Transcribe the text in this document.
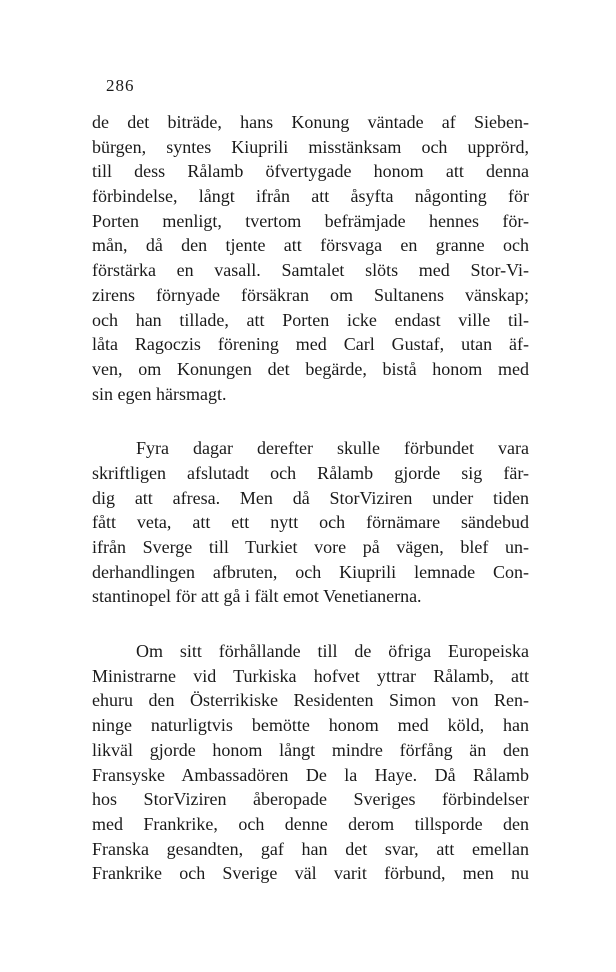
286
de det biträde, hans Konung väntade af Sieben-
bürgen, syntes Kiuprili misstänksam och upprörd,
till dess Rålamb öfvertygade honom att denna
förbindelse, långt ifrån att åsyfta någonting för
Porten menligt, tvertom befrämjade hennes för-
mån, då den tjente att försvaga en granne och
förstärka en vasall. Samtalet slöts med Stor-Vi-
zirens förnyade försäkran om Sultanens vänskap;
och han tillade, att Porten icke endast ville til-
låta Ragoczis förening med Carl Gustaf, utan äf-
ven, om Konungen det begärde, bistå honom med
sin egen härsmagt.
Fyra dagar derefter skulle förbundet vara
skriftligen afslutadt och Rålamb gjorde sig fär-
dig att afresa. Men då StorViziren under tiden
fått veta, att ett nytt och förnämare sändebud
ifrån Sverge till Turkiet vore på vägen, blef un-
derhandlingen afbruten, och Kiuprili lemnade Con-
stantinopel för att gå i fält emot Venetianerna.
Om sitt förhållande till de öfriga Europeiska
Ministrarne vid Turkiska hofvet yttrar Rålamb, att
ehuru den Österrikiske Residenten Simon von Ren-
ninge naturligtvis bemötte honom med köld, han
likväl gjorde honom långt mindre förfång än den
Fransyske Ambassadören De la Haye. Då Rålamb
hos StorViziren åberopade Sveriges förbindelser
med Frankrike, och denne derom tillsporde den
Franska gesandten, gaf han det svar, att emellan
Frankrike och Sverige väl varit förbund, men nu
